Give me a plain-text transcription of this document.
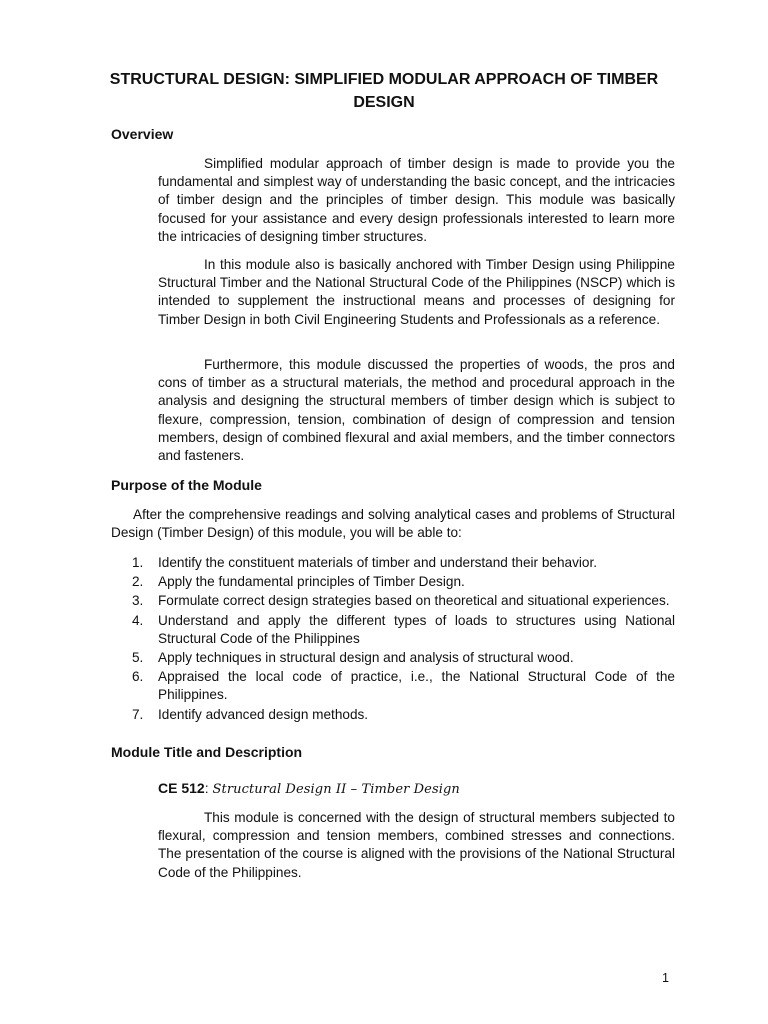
STRUCTURAL DESIGN: SIMPLIFIED MODULAR APPROACH OF TIMBER DESIGN
Overview

Simplified modular approach of timber design is made to provide you the fundamental and simplest way of understanding the basic concept, and the intricacies of timber design and the principles of timber design. This module was basically focused for your assistance and every design professionals interested to learn more the intricacies of designing timber structures.

In this module also is basically anchored with Timber Design using Philippine Structural Timber and the National Structural Code of the Philippines (NSCP) which is intended to supplement the instructional means and processes of designing for Timber Design in both Civil Engineering Students and Professionals as a reference.

Furthermore, this module discussed the properties of woods, the pros and cons of timber as a structural materials, the method and procedural approach in the analysis and designing the structural members of timber design which is subject to flexure, compression, tension, combination of design of compression and tension members, design of combined flexural and axial members, and the timber connectors and fasteners.

Purpose of the Module

After the comprehensive readings and solving analytical cases and problems of Structural Design (Timber Design) of this module, you will be able to:

1. Identify the constituent materials of timber and understand their behavior.
2. Apply the fundamental principles of Timber Design.
3. Formulate correct design strategies based on theoretical and situational experiences.
4. Understand and apply the different types of loads to structures using National Structural Code of the Philippines
5. Apply techniques in structural design and analysis of structural wood.
6. Appraised the local code of practice, i.e., the National Structural Code of the Philippines.
7. Identify advanced design methods.
Module Title and Description

CE 512: Structural Design II – Timber Design

This module is concerned with the design of structural members subjected to flexural, compression and tension members, combined stresses and connections. The presentation of the course is aligned with the provisions of the National Structural Code of the Philippines.

1
